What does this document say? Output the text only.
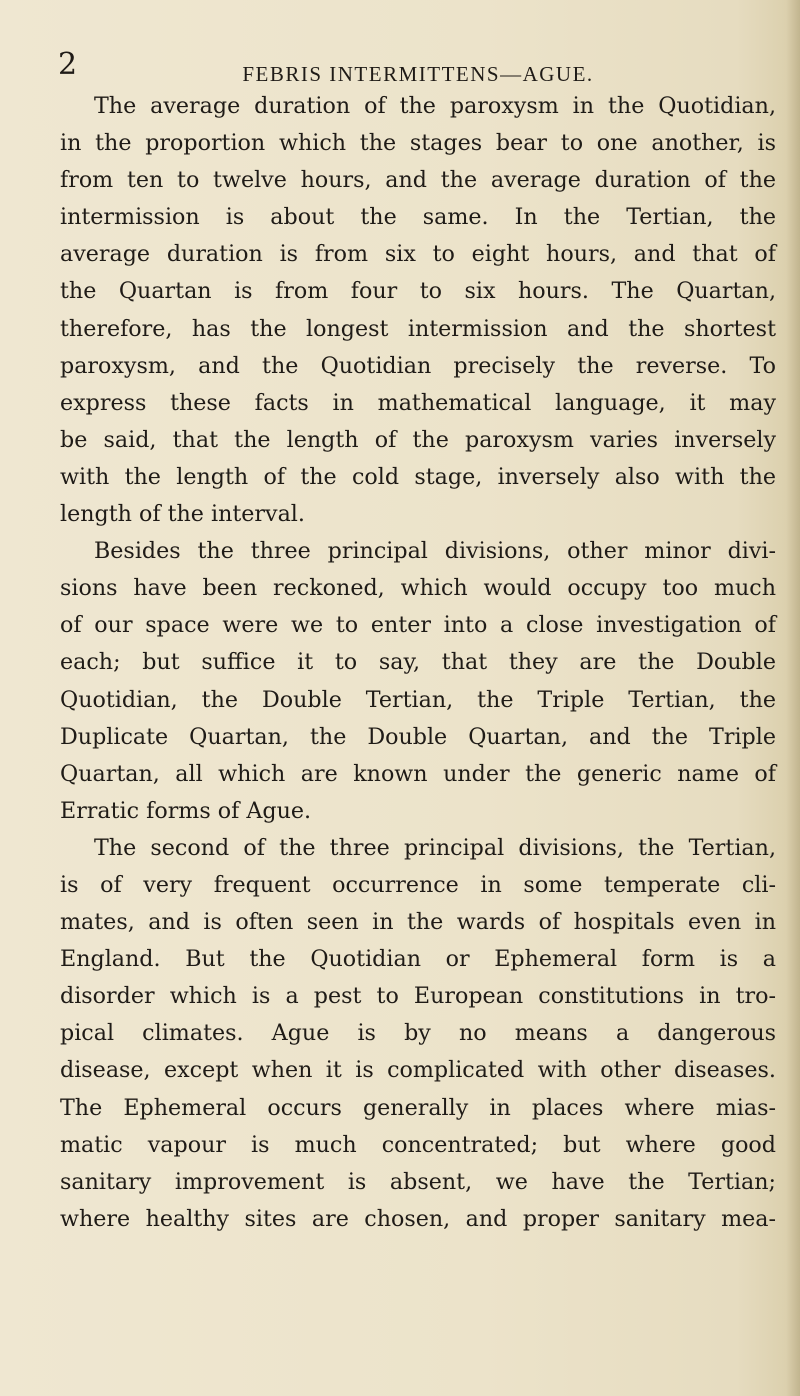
2	FEBRIS INTERMITTENS—AGUE.
The average duration of the paroxysm in the Quotidian,
in the proportion which the stages bear to one another, is
from ten to twelve hours, and the average duration of the
intermission is about the same. In the Tertian, the
average duration is from six to eight hours, and that of
the Quartan is from four to six hours. The Quartan,
therefore, has the longest intermission and the shortest
paroxysm, and the Quotidian precisely the reverse. To
express these facts in mathematical language, it may
be said, that the length of the paroxysm varies inversely
with the length of the cold stage, inversely also with the
length of the interval.
Besides the three principal divisions, other minor divi-
sions have been reckoned, which would occupy too much
of our space were we to enter into a close investigation of
each; but suffice it to say, that they are the Double
Quotidian, the Double Tertian, the Triple Tertian, the
Duplicate Quartan, the Double Quartan, and the Triple
Quartan, all which are known under the generic name of
Erratic forms of Ague.
The second of the three principal divisions, the Tertian,
is of very frequent occurrence in some temperate cli-
mates, and is often seen in the wards of hospitals even in
England. But the Quotidian or Ephemeral form is a
disorder which is a pest to European constitutions in tro-
pical climates. Ague is by no means a dangerous
disease, except when it is complicated with other diseases.
The Ephemeral occurs generally in places where mias-
matic vapour is much concentrated; but where good
sanitary improvement is absent, we have the Tertian;
where healthy sites are chosen, and proper sanitary mea-
